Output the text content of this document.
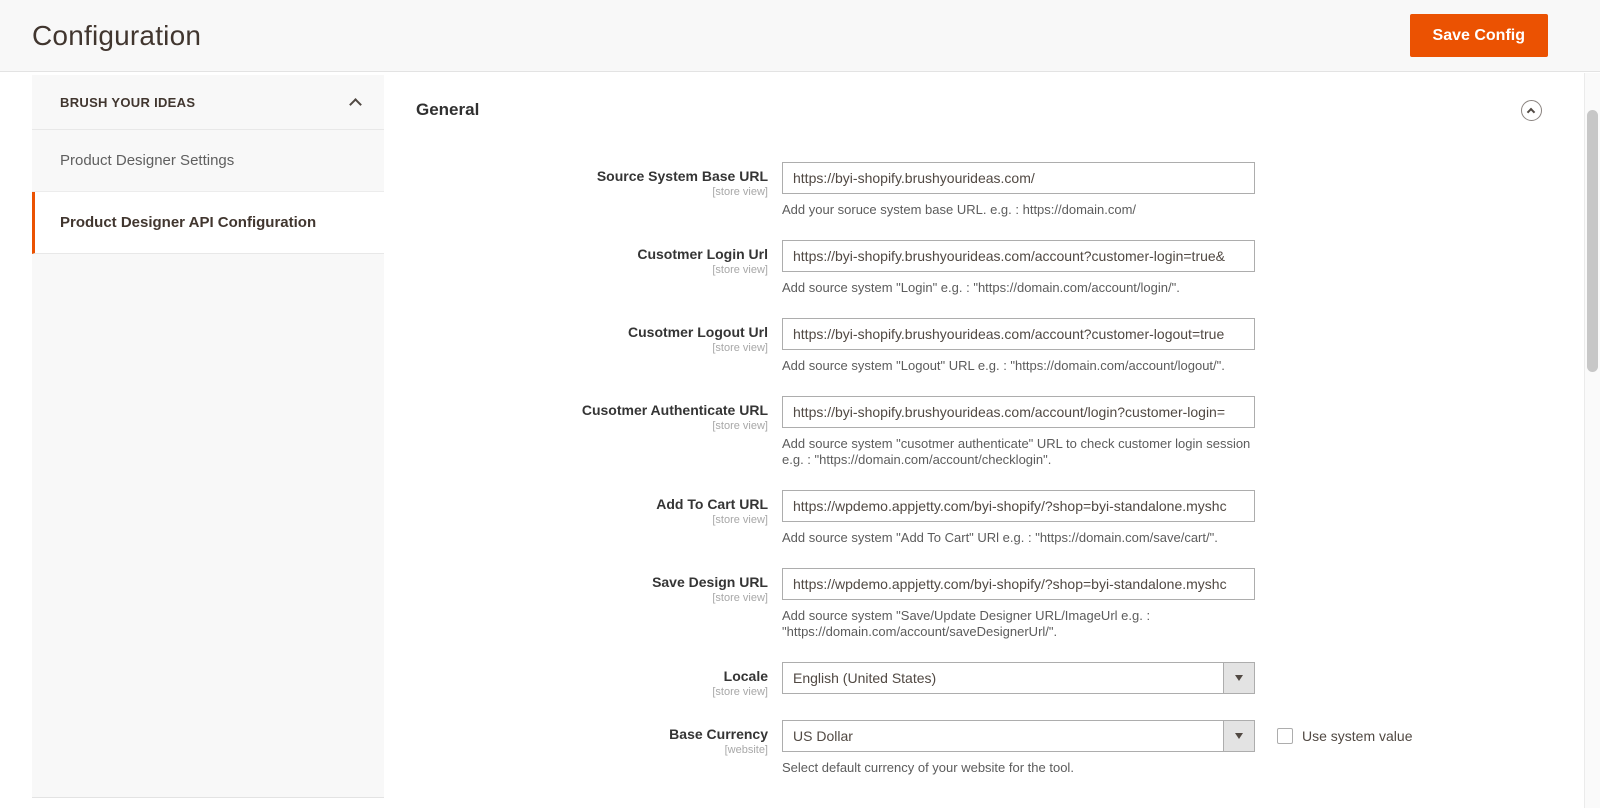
Configuration	Save Config
BRUSH YOUR IDEAS
Product Designer Settings
Product Designer API Configuration
General
Source System Base URL
[store view]
https://byi-shopify.brushyourideas.com/

Add your soruce system base URL. e.g. : https://domain.com/

Cusotmer Login Url
[store view]
https://byi-shopify.brushyourideas.com/account?customer-login=true&

Add source system "Login" e.g. : "https://domain.com/account/login/".

Cusotmer Logout Url
[store view]
https://byi-shopify.brushyourideas.com/account?customer-logout=true

Add source system "Logout" URL e.g. : "https://domain.com/account/logout/".

Cusotmer Authenticate URL
[store view]
https://byi-shopify.brushyourideas.com/account/login?customer-login=

Add source system "cusotmer authenticate" URL to check customer login session e.g. : "https://domain.com/account/checklogin".

Add To Cart URL
[store view]
https://wpdemo.appjetty.com/byi-shopify/?shop=byi-standalone.myshc

Add source system "Add To Cart" URl e.g. : "https://domain.com/save/cart/".

Save Design URL
[store view]
https://wpdemo.appjetty.com/byi-shopify/?shop=byi-standalone.myshc

Add source system "Save/Update Designer URL/ImageUrl e.g. : "https://domain.com/account/saveDesignerUrl/".

Locale
[store view]
English (United States)
Base Currency
[website]
US Dollar	Use system value

Select default currency of your website for the tool.
